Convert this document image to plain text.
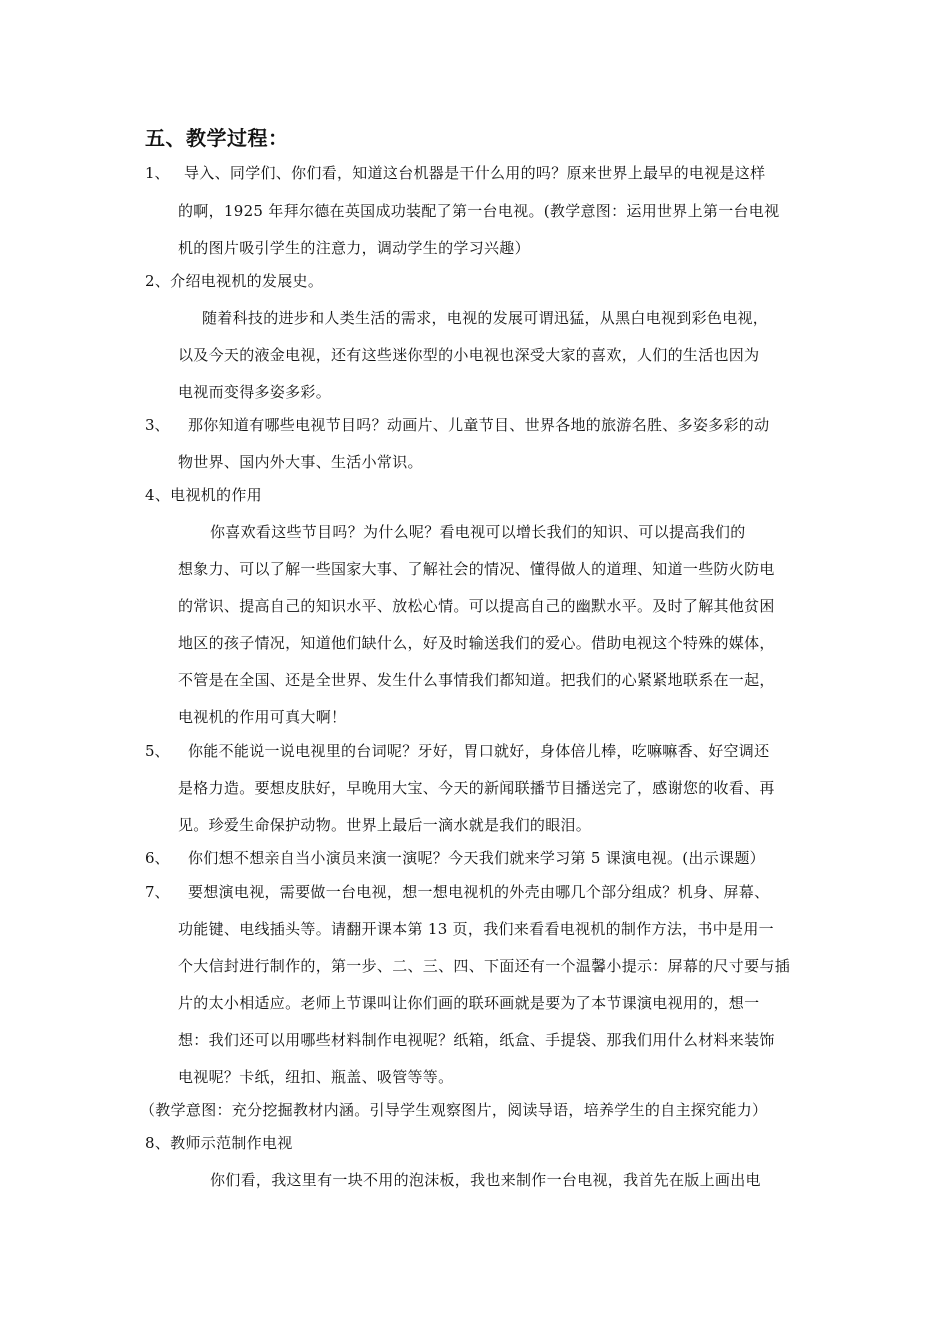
五、教学过程：
1、 导入、同学们、你们看，知道这台机器是干什么用的吗？原来世界上最早的电视是这样
的啊，1925 年拜尔德在英国成功装配了第一台电视。(教学意图：运用世界上第一台电视
机的图片吸引学生的注意力，调动学生的学习兴趣）
2、介绍电视机的发展史。
随着科技的进步和人类生活的需求，电视的发展可谓迅猛，从黑白电视到彩色电视，
以及今天的液金电视，还有这些迷你型的小电视也深受大家的喜欢，人们的生活也因为
电视而变得多姿多彩。
3、 那你知道有哪些电视节目吗？动画片、儿童节目、世界各地的旅游名胜、多姿多彩的动
物世界、国内外大事、生活小常识。
4、电视机的作用
你喜欢看这些节目吗？为什么呢？看电视可以增长我们的知识、可以提高我们的
想象力、可以了解一些国家大事、了解社会的情况、懂得做人的道理、知道一些防火防电
的常识、提高自己的知识水平、放松心情。可以提高自己的幽默水平。及时了解其他贫困
地区的孩子情况，知道他们缺什么，好及时输送我们的爱心。借助电视这个特殊的媒体，
不管是在全国、还是全世界、发生什么事情我们都知道。把我们的心紧紧地联系在一起，
电视机的作用可真大啊！
5、 你能不能说一说电视里的台词呢？牙好，胃口就好，身体倍儿棒，吃嘛嘛香、好空调还
是格力造。要想皮肤好，早晚用大宝、今天的新闻联播节目播送完了，感谢您的收看、再
见。珍爱生命保护动物。世界上最后一滴水就是我们的眼泪。
6、 你们想不想亲自当小演员来演一演呢？今天我们就来学习第 5 课演电视。(出示课题）
7、 要想演电视，需要做一台电视，想一想电视机的外壳由哪几个部分组成？机身、屏幕、
功能键、电线插头等。请翻开课本第 13 页，我们来看看电视机的制作方法，书中是用一
个大信封进行制作的，第一步、二、三、四、下面还有一个温馨小提示：屏幕的尺寸要与插
片的太小相适应。老师上节课叫让你们画的联环画就是要为了本节课演电视用的，想一
想：我们还可以用哪些材料制作电视呢？纸箱，纸盒、手提袋、那我们用什么材料来装饰
电视呢？卡纸，纽扣、瓶盖、吸管等等。
（教学意图：充分挖掘教材内涵。引导学生观察图片，阅读导语，培养学生的自主探究能力）
8、教师示范制作电视
你们看，我这里有一块不用的泡沫板，我也来制作一台电视，我首先在版上画出电
